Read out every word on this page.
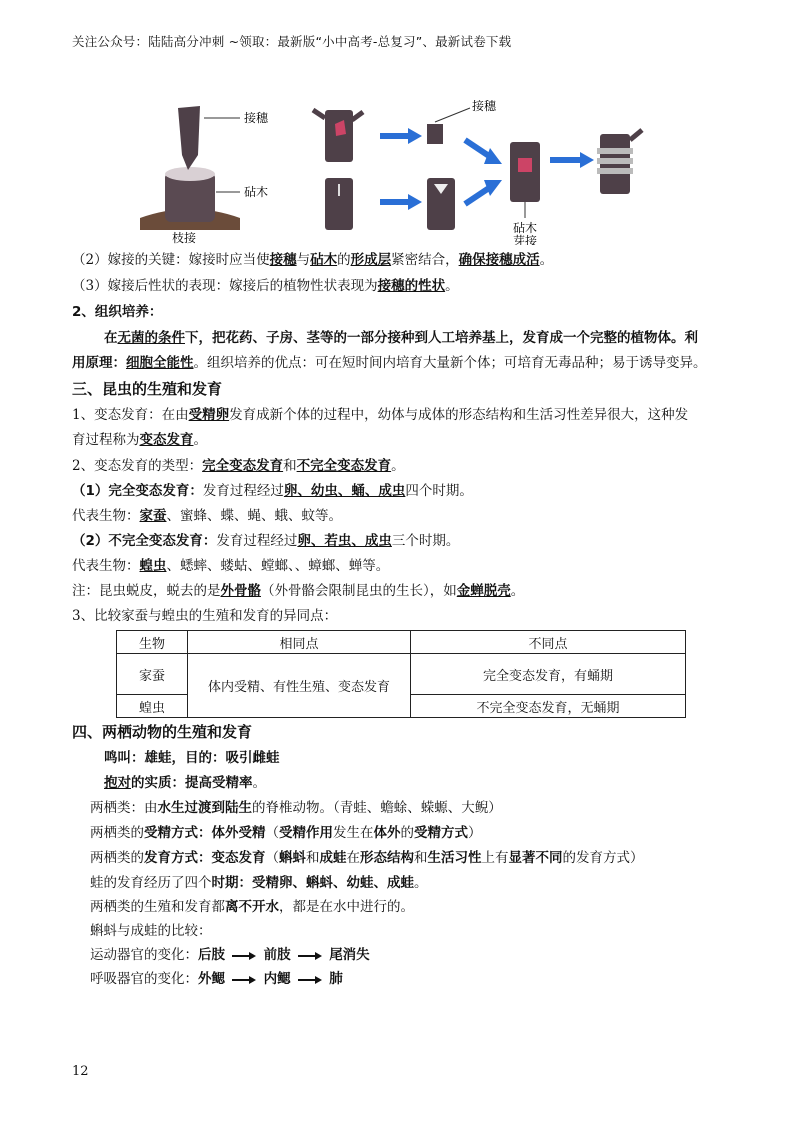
关注公众号：陆陆高分冲刺 ~领取：最新版“小中高考-总复习”、最新试卷下载
接穗
砧木
枝接
接穗
砧木
芽接
（2）嫁接的关键：嫁接时应当使接穗与砧木的形成层紧密结合，确保接穗成活。
（3）嫁接后性状的表现：嫁接后的植物性状表现为接穗的性状。
2、组织培养：
在无菌的条件下，把花药、子房、茎等的一部分接种到人工培养基上，发育成一个完整的植物体。利
用原理：细胞全能性。组织培养的优点：可在短时间内培育大量新个体；可培育无毒品种；易于诱导变异。
三、昆虫的生殖和发育
1、变态发育：在由受精卵发育成新个体的过程中，幼体与成体的形态结构和生活习性差异很大，这种发
育过程称为变态发育。
2、变态发育的类型：完全变态发育和不完全变态发育。
（1）完全变态发育：发育过程经过卵、幼虫、蛹、成虫四个时期。
代表生物：家蚕、蜜蜂、蝶、蝇、蛾、蚊等。
（2）不完全变态发育：发育过程经过卵、若虫、成虫三个时期。
代表生物：蝗虫、蟋蟀、蝼蛄、螳螂、、蟑螂、蝉等。
注：昆虫蜕皮，蜕去的是外骨骼（外骨骼会限制昆虫的生长），如金蝉脱壳。
3、比较家蚕与蝗虫的生殖和发育的异同点：
生物	相同点	不同点
家蚕	体内受精、有性生殖、变态发育	完全变态发育，有蛹期
蝗虫		不完全变态发育，无蛹期
四、两栖动物的生殖和发育
鸣叫：雄蛙，目的：吸引雌蛙
抱对的实质：提高受精率。
两栖类：由水生过渡到陆生的脊椎动物。（青蛙、蟾蜍、蝾螈、大鲵）
两栖类的受精方式：体外受精（受精作用发生在体外的受精方式）
两栖类的发育方式：变态发育（蝌蚪和成蛙在形态结构和生活习性上有显著不同的发育方式）
蛙的发育经历了四个时期：受精卵、蝌蚪、幼蛙、成蛙。
两栖类的生殖和发育都离不开水，都是在水中进行的。
蝌蚪与成蛙的比较：
运动器官的变化：后肢	前肢	尾消失
呼吸器官的变化：外鳃	内鳃	肺
12
